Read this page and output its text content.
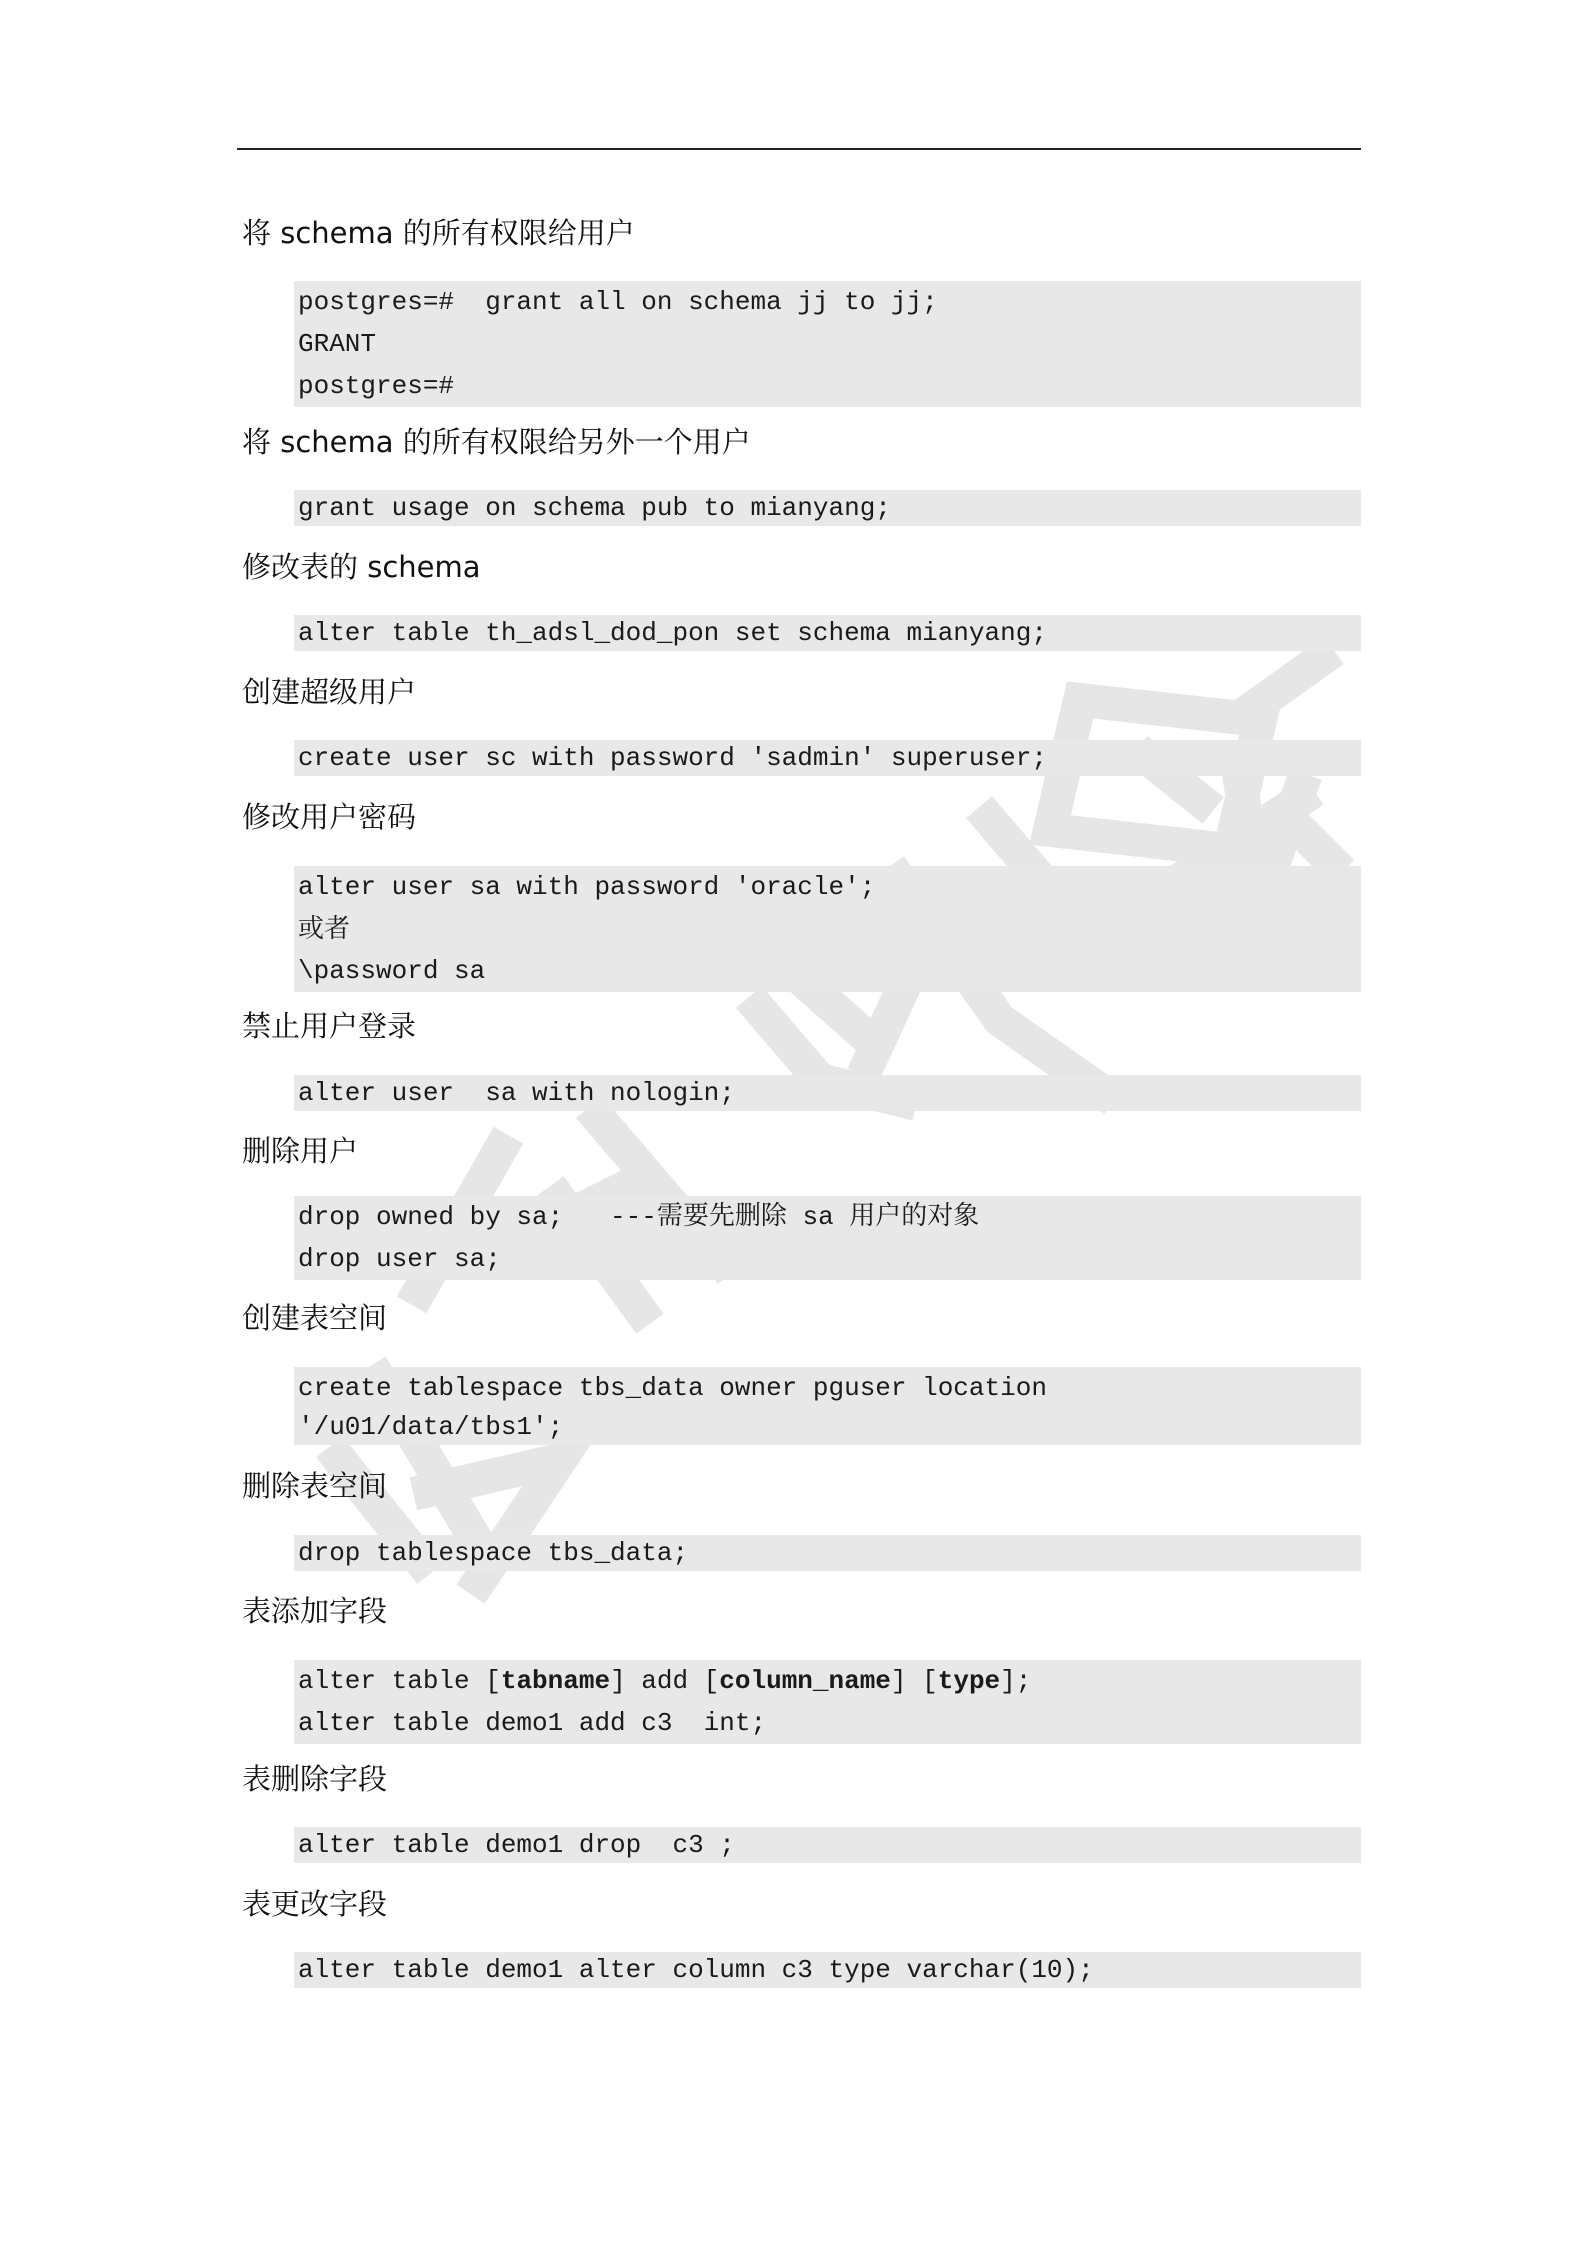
将 schema 的所有权限给用户
postgres=#  grant all on schema jj to jj;
GRANT
postgres=#
将 schema 的所有权限给另外一个用户
grant usage on schema pub to mianyang;
修改表的 schema
alter table th_adsl_dod_pon set schema mianyang;
创建超级用户
create user sc with password 'sadmin' superuser;
修改用户密码
alter user sa with password 'oracle';
或者
\password sa
禁止用户登录
alter user  sa with nologin;
删除用户
drop owned by sa;   ---需要先删除 sa 用户的对象
drop user sa;
创建表空间
create tablespace tbs_data owner pguser location
'/u01/data/tbs1';
删除表空间
drop tablespace tbs_data;
表添加字段
alter table [tabname] add [column_name] [type];
alter table demo1 add c3  int;
表删除字段
alter table demo1 drop  c3 ;
表更改字段
alter table demo1 alter column c3 type varchar(10);
